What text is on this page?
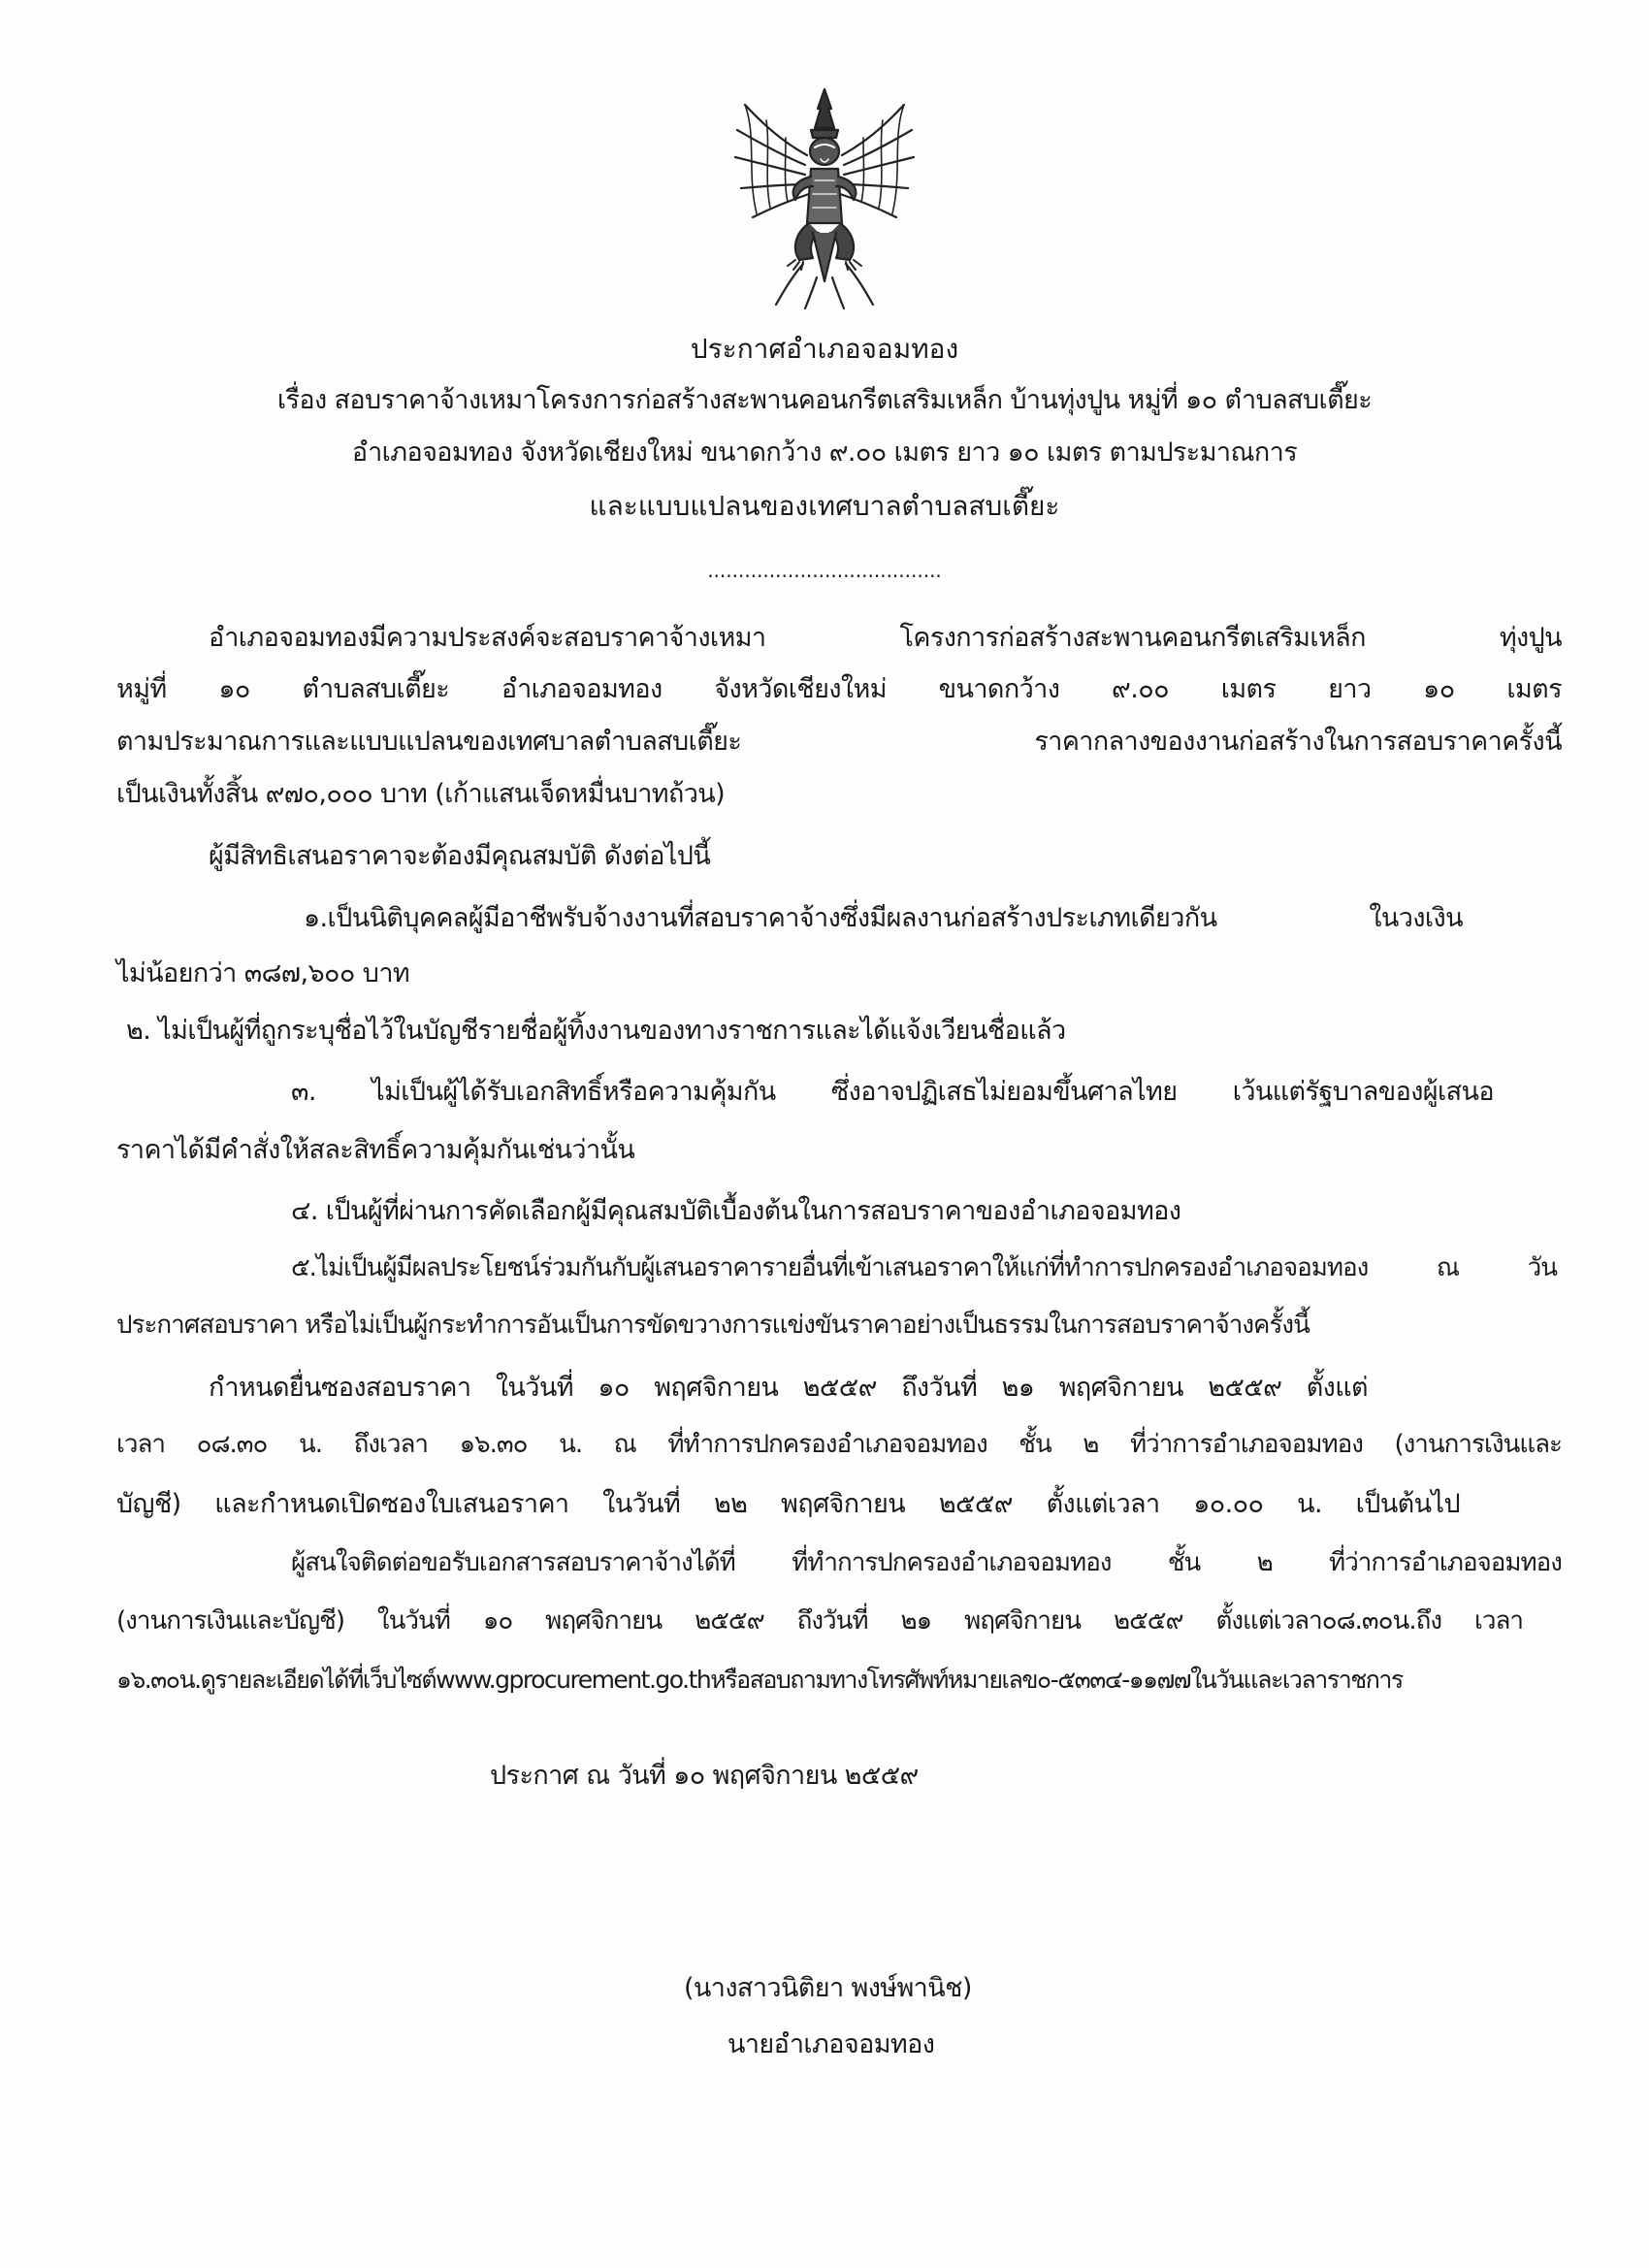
ประกาศอำเภอจอมทอง
เรื่อง สอบราคาจ้างเหมาโครงการก่อสร้างสะพานคอนกรีตเสริมเหล็ก บ้านทุ่งปูน หมู่ที่ ๑๐ ตำบลสบเตี๊ยะ
อำเภอจอมทอง จังหวัดเชียงใหม่ ขนาดกว้าง ๙.๐๐ เมตร ยาว ๑๐ เมตร ตามประมาณการ
และแบบแปลนของเทศบาลตำบลสบเตี๊ยะ
......................................
อำเภอจอมทองมีความประสงค์จะสอบราคาจ้างเหมา โครงการก่อสร้างสะพานคอนกรีตเสริมเหล็ก ทุ่งปูน
หมู่ที่ ๑๐ ตำบลสบเตี๊ยะ อำเภอจอมทอง จังหวัดเชียงใหม่ ขนาดกว้าง ๙.๐๐ เมตร ยาว ๑๐ เมตร
ตามประมาณการและแบบแปลนของเทศบาลตำบลสบเตี๊ยะ ราคากลางของงานก่อสร้างในการสอบราคาครั้งนี้
เป็นเงินทั้งสิ้น ๙๗๐,๐๐๐ บาท (เก้าแสนเจ็ดหมื่นบาทถ้วน)
ผู้มีสิทธิเสนอราคาจะต้องมีคุณสมบัติ ดังต่อไปนี้
๑.เป็นนิติบุคคลผู้มีอาชีพรับจ้างงานที่สอบราคาจ้างซึ่งมีผลงานก่อสร้างประเภทเดียวกัน ในวงเงิน
ไม่น้อยกว่า ๓๘๗,๖๐๐ บาท
๒. ไม่เป็นผู้ที่ถูกระบุชื่อไว้ในบัญชีรายชื่อผู้ทิ้งงานของทางราชการและได้แจ้งเวียนชื่อแล้ว
๓. ไม่เป็นผู้ได้รับเอกสิทธิ์หรือความคุ้มกัน ซึ่งอาจปฏิเสธไม่ยอมขึ้นศาลไทย เว้นแต่รัฐบาลของผู้เสนอ
ราคาได้มีคำสั่งให้สละสิทธิ์ความคุ้มกันเช่นว่านั้น
๔. เป็นผู้ที่ผ่านการคัดเลือกผู้มีคุณสมบัติเบื้องต้นในการสอบราคาของอำเภอจอมทอง
๕.ไม่เป็นผู้มีผลประโยชน์ร่วมกันกับผู้เสนอราคารายอื่นที่เข้าเสนอราคาให้แก่ที่ทำการปกครองอำเภอจอมทอง ณ วัน
ประกาศสอบราคา หรือไม่เป็นผู้กระทำการอันเป็นการขัดขวางการแข่งขันราคาอย่างเป็นธรรมในการสอบราคาจ้างครั้งนี้
กำหนดยื่นซองสอบราคา ในวันที่ ๑๐ พฤศจิกายน ๒๕๕๙ ถึงวันที่ ๒๑ พฤศจิกายน ๒๕๕๙ ตั้งแต่
เวลา ๐๘.๓๐ น. ถึงเวลา ๑๖.๓๐ น. ณ ที่ทำการปกครองอำเภอจอมทอง ชั้น ๒ ที่ว่าการอำเภอจอมทอง (งานการเงินและ
บัญชี) และกำหนดเปิดซองใบเสนอราคา ในวันที่ ๒๒ พฤศจิกายน ๒๕๕๙ ตั้งแต่เวลา ๑๐.๐๐ น. เป็นต้นไป
ผู้สนใจติดต่อขอรับเอกสารสอบราคาจ้างได้ที่ ที่ทำการปกครองอำเภอจอมทอง ชั้น ๒ ที่ว่าการอำเภอจอมทอง
(งานการเงินและบัญชี) ในวันที่ ๑๐ พฤศจิกายน ๒๕๕๙ ถึงวันที่ ๒๑ พฤศจิกายน ๒๕๕๙ ตั้งแต่เวลา๐๘.๓๐น.ถึง เวลา
๑๖.๓๐น.ดูรายละเอียดได้ที่เว็บไซต์www.gprocurement.go.thหรือสอบถามทางโทรศัพท์หมายเลข๐-๕๓๓๔-๑๑๗๗ในวันและเวลาราชการ
ประกาศ ณ วันที่ ๑๐ พฤศจิกายน ๒๕๕๙
(นางสาวนิติยา พงษ์พานิช)
นายอำเภอจอมทอง
